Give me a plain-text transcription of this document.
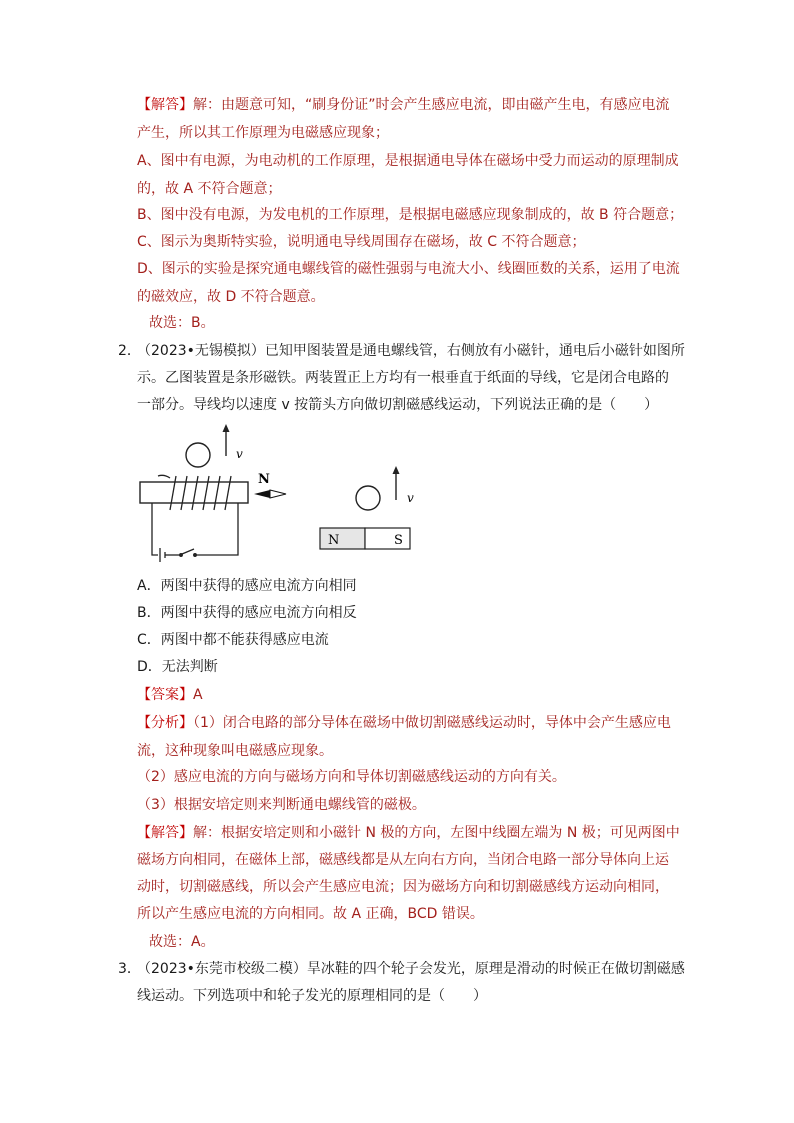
【解答】解：由题意可知，“刷身份证”时会产生感应电流，即由磁产生电，有感应电流
产生，所以其工作原理为电磁感应现象；
A、图中有电源，为电动机的工作原理，是根据通电导体在磁场中受力而运动的原理制成
的，故 A 不符合题意；
B、图中没有电源，为发电机的工作原理，是根据电磁感应现象制成的，故 B 符合题意；
C、图示为奥斯特实验，说明通电导线周围存在磁场，故 C 不符合题意；
D、图示的实验是探究通电螺线管的磁性强弱与电流大小、线圈匝数的关系，运用了电流
的磁效应，故 D 不符合题意。
故选：B。
2．
（2023•无锡模拟）已知甲图装置是通电螺线管，右侧放有小磁针，通电后小磁针如图所
示。乙图装置是条形磁铁。两装置正上方均有一根垂直于纸面的导线，它是闭合电路的
一部分。导线均以速度 v 按箭头方向做切割磁感线运动，下列说法正确的是（　　）
v
N
v
N	S
A．两图中获得的感应电流方向相同
B．两图中获得的感应电流方向相反
C．两图中都不能获得感应电流
D．无法判断
【答案】A
【分析】（1）闭合电路的部分导体在磁场中做切割磁感线运动时，导体中会产生感应电
流，这种现象叫电磁感应现象。
（2）感应电流的方向与磁场方向和导体切割磁感线运动的方向有关。
（3）根据安培定则来判断通电螺线管的磁极。
【解答】解：根据安培定则和小磁针 N 极的方向，左图中线圈左端为 N 极；可见两图中
磁场方向相同，在磁体上部，磁感线都是从左向右方向，当闭合电路一部分导体向上运
动时，切割磁感线，所以会产生感应电流；因为磁场方向和切割磁感线方运动向相同，
所以产生感应电流的方向相同。故 A 正确，BCD 错误。
故选：A。
3．
（2023•东莞市校级二模）旱冰鞋的四个轮子会发光，原理是滑动的时候正在做切割磁感
线运动。下列选项中和轮子发光的原理相同的是（　　）
